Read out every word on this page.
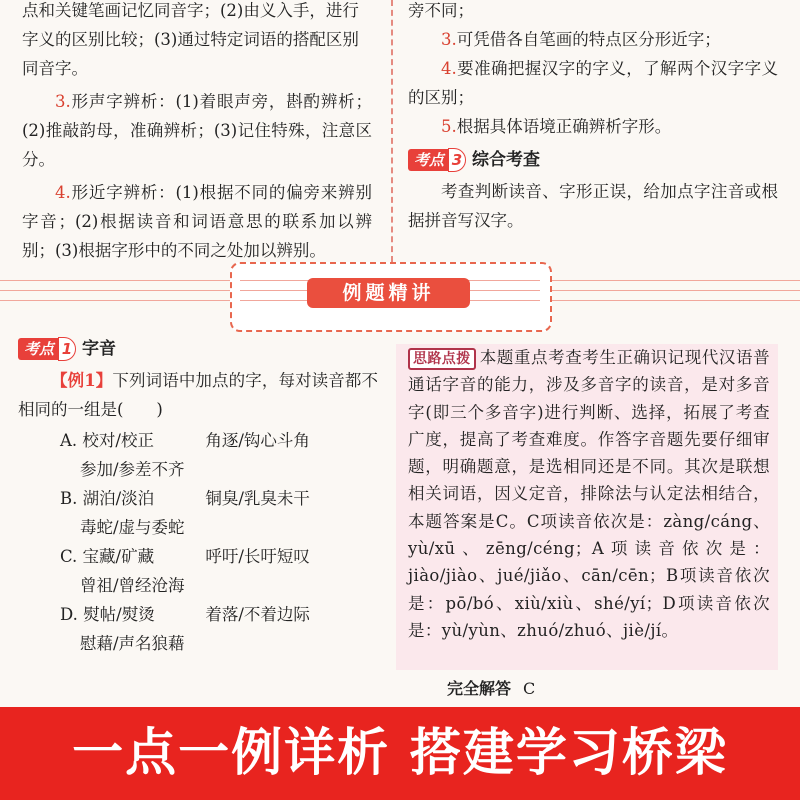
点和关键笔画记忆同音字；(2)由义入手，进行

字义的区别比较；(3)通过特定词语的搭配区别

同音字。

3.形声字辨析：(1)着眼声旁，斟酌辨析；(2)推敲韵母，准确辨析；(3)记住特殊，注意区分。

4.形近字辨析：(1)根据不同的偏旁来辨别字音；(2)根据读音和词语意思的联系加以辨别；(3)根据字形中的不同之处加以辨别。

旁不同；

3.可凭借各自笔画的特点区分形近字；

4.要准确把握汉字的字义，了解两个汉字字义的区别；

5.根据具体语境正确辨析字形。

考点 3 综合考查

考查判断读音、字形正误，给加点字注音或根据拼音写汉字。

例题精讲
考点 1 字音

【例1】下列词语中加点的字，每对读音都不相同的一组是(　　)

A. 校对/校正	角逐/钩心斗角
参加/参差不齐
B. 湖泊/淡泊	铜臭/乳臭未干
毒蛇/虚与委蛇
C. 宝藏/矿藏	呼吁/长吁短叹
曾祖/曾经沧海
D. 熨帖/熨烫	着落/不着边际
慰藉/声名狼藉
思路点拨 本题重点考查考生正确识记现代汉语普通话字音的能力，涉及多音字的读音，是对多音字(即三个多音字)进行判断、选择，拓展了考查广度，提高了考查难度。作答字音题先要仔细审题，明确题意，是选相同还是不同。其次是联想相关词语，因义定音，排除法与认定法相结合，本题答案是C。C项读音依次是：zàng/cáng、yù/xū、zēng/céng；A项读音依次是：jiào/jiào、jué/jiǎo、cān/cēn；B项读音依次是：pō/bó、xiù/xiù、shé/yí；D项读音依次是：yù/yùn、zhuó/zhuó、jiè/jí。
完全解答 C
一点一例详析 搭建学习桥梁
